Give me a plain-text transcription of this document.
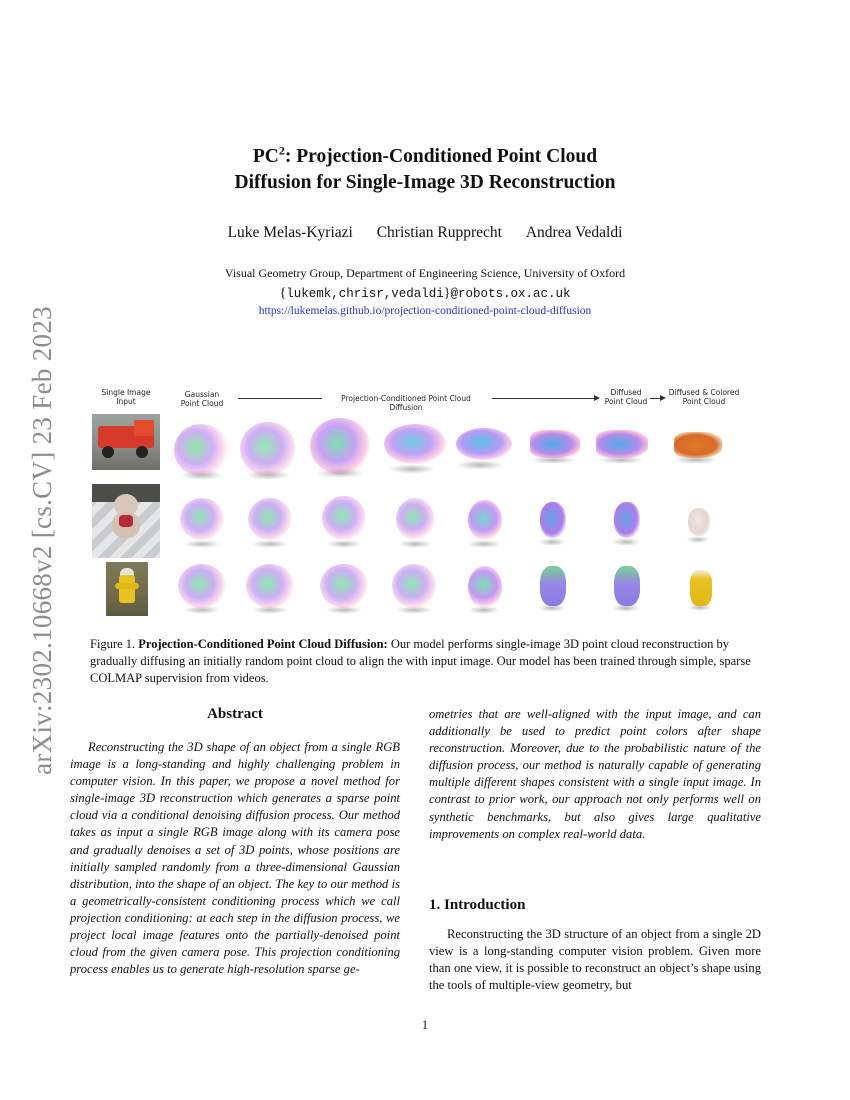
arXiv:2302.10668v2 [cs.CV] 23 Feb 2023
$PC^2$: Projection-Conditioned Point Cloud
Diffusion for Single-Image 3D Reconstruction
Luke Melas-Kyriazi Christian Rupprecht Andrea Vedaldi
Visual Geometry Group, Department of Engineering Science, University of Oxford
{lukemk,chrisr,vedaldi}@robots.ox.ac.uk
https://lukemelas.github.io/projection-conditioned-point-cloud-diffusion
Single Image
Input
Gaussian
Point Cloud
Projection-Conditioned Point Cloud Diffusion
Diffused
Point Cloud
Diffused & Colored
Point Cloud
Figure 1. Projection-Conditioned Point Cloud Diffusion: Our model performs single-image 3D point cloud reconstruction by gradually diffusing an initially random point cloud to align the with input image. Our model has been trained through simple, sparse COLMAP supervision from videos.
Abstract

Reconstructing the 3D shape of an object from a single RGB image is a long-standing and highly challenging problem in computer vision. In this paper, we propose a novel method for single-image 3D reconstruction which generates a sparse point cloud via a conditional denoising diffusion process. Our method takes as input a single RGB image along with its camera pose and gradually denoises a set of 3D points, whose positions are initially sampled randomly from a three-dimensional Gaussian distribution, into the shape of an object. The key to our method is a geometrically-consistent conditioning process which we call projection conditioning: at each step in the diffusion process, we project local image features onto the partially-denoised point cloud from the given camera pose. This projection conditioning process enables us to generate high-resolution sparse ge-

ometries that are well-aligned with the input image, and can additionally be used to predict point colors after shape reconstruction. Moreover, due to the probabilistic nature of the diffusion process, our method is naturally capable of generating multiple different shapes consistent with a single input image. In contrast to prior work, our approach not only performs well on synthetic benchmarks, but also gives large qualitative improvements on complex real-world data.

1. Introduction

Reconstructing the 3D structure of an object from a single 2D view is a long-standing computer vision problem. Given more than one view, it is possible to reconstruct an object’s shape using the tools of multiple-view geometry, but

1
